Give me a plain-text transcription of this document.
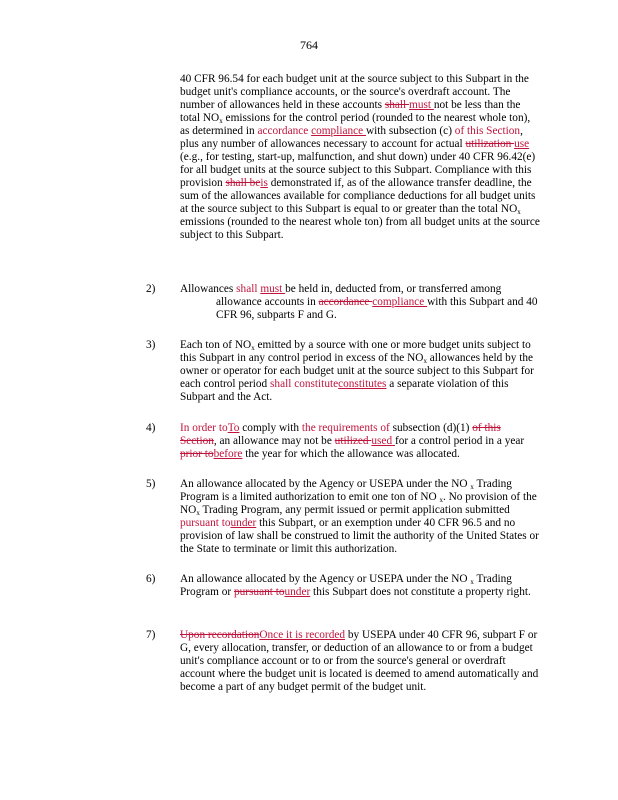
764
40 CFR 96.54 for each budget unit at the source subject to this Subpart in the budget unit's compliance accounts, or the source's overdraft account. The number of allowances held in these accounts shall must not be less than the total $NO_x$ emissions for the control period (rounded to the nearest whole ton), as determined in accordance compliance with subsection (c) of this Section, plus any number of allowances necessary to account for actual utilization use (e.g., for testing, start-up, malfunction, and shut down) under 40 CFR 96.42(e) for all budget units at the source subject to this Subpart. Compliance with this provision shall beis demonstrated if, as of the allowance transfer deadline, the sum of the allowances available for compliance deductions for all budget units at the source subject to this Subpart is equal to or greater than the total $NO_x$ emissions (rounded to the nearest whole ton) from all budget units at the source subject to this Subpart.
2) Allowances shall must be held in, deducted from, or transferred among
allowance accounts in accordance compliance with this Subpart and 40 CFR 96, subparts F and G.
3) Each ton of $NO_x$ emitted by a source with one or more budget units subject to this Subpart in any control period in excess of the $NO_x$ allowances held by the owner or operator for each budget unit at the source subject to this Subpart for each control period shall constituteconstitutes a separate violation of this Subpart and the Act.
4) In order toTo comply with the requirements of subsection (d)(1) of this Section, an allowance may not be utilized used for a control period in a year prior tobefore the year for which the allowance was allocated.
5) An allowance allocated by the Agency or USEPA under the NO $_x$ Trading Program is a limited authorization to emit one ton of NO $_x$. No provision of the $NO_x$ Trading Program, any permit issued or permit application submitted pursuant tounder this Subpart, or an exemption under 40 CFR 96.5 and no provision of law shall be construed to limit the authority of the United States or the State to terminate or limit this authorization.
6) An allowance allocated by the Agency or USEPA under the NO $_x$ Trading Program or pursuant tounder this Subpart does not constitute a property right.
7) Upon recordationOnce it is recorded by USEPA under 40 CFR 96, subpart F or G, every allocation, transfer, or deduction of an allowance to or from a budget unit's compliance account or to or from the source's general or overdraft account where the budget unit is located is deemed to amend automatically and become a part of any budget permit of the budget unit.
